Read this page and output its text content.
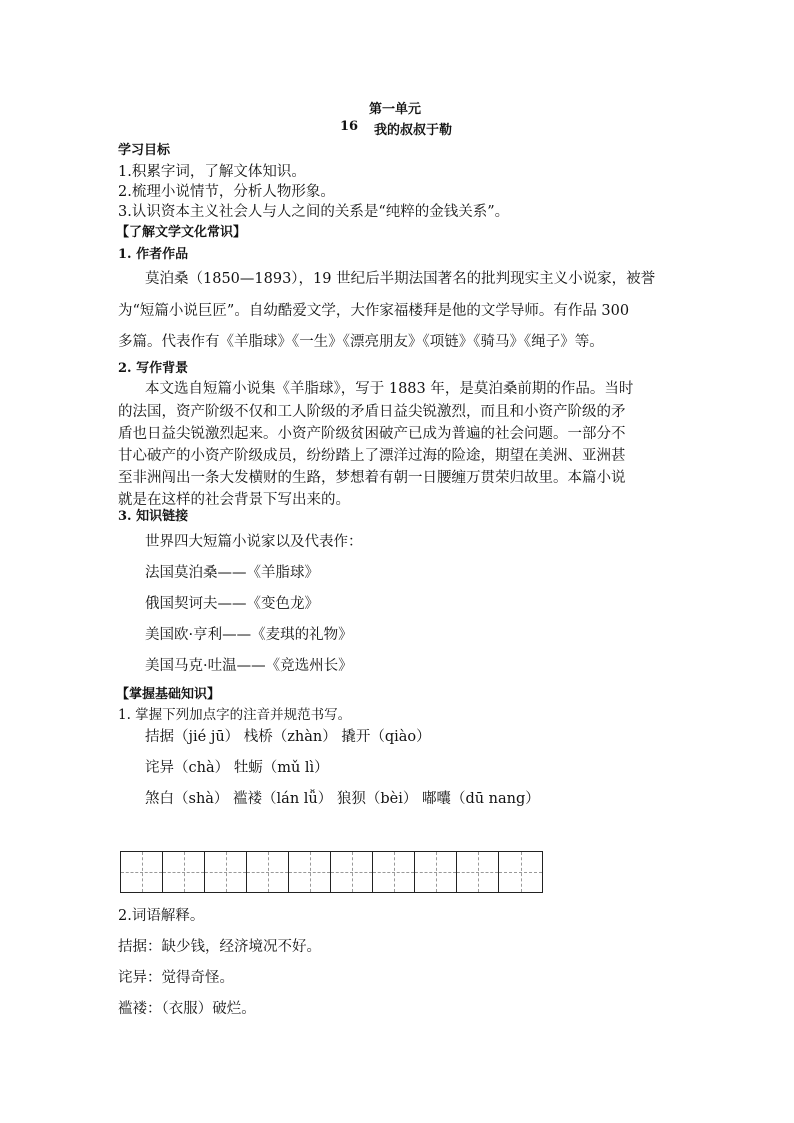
第一单元
16 我的叔叔于勒
学习目标
1.积累字词，了解文体知识。
2.梳理小说情节，分析人物形象。
3.认识资本主义社会人与人之间的关系是“纯粹的金钱关系”。
【了解文学文化常识】
1. 作者作品
莫泊桑（1850—1893），19 世纪后半期法国著名的批判现实主义小说家，被誉
为“短篇小说巨匠”。自幼酷爱文学，大作家福楼拜是他的文学导师。有作品 300
多篇。代表作有《羊脂球》《一生》《漂亮朋友》《项链》《骑马》《绳子》等。
2. 写作背景
本文选自短篇小说集《羊脂球》，写于 1883 年，是莫泊桑前期的作品。当时
的法国，资产阶级不仅和工人阶级的矛盾日益尖锐激烈，而且和小资产阶级的矛
盾也日益尖锐激烈起来。小资产阶级贫困破产已成为普遍的社会问题。一部分不
甘心破产的小资产阶级成员，纷纷踏上了漂洋过海的险途，期望在美洲、亚洲甚
至非洲闯出一条大发横财的生路，梦想着有朝一日腰缠万贯荣归故里。本篇小说
就是在这样的社会背景下写出来的。
3. 知识链接
世界四大短篇小说家以及代表作：
法国莫泊桑——《羊脂球》
俄国契诃夫——《变色龙》
美国欧·亨利——《麦琪的礼物》
美国马克·吐温——《竞选州长》
【掌握基础知识】
1. 掌握下列加点字的注音并规范书写。
拮据（jié jū） 栈桥（zhàn） 撬开（qiào）
诧异（chà） 牡蛎（mǔ lì）
煞白（shà） 褴褛（lán lǚ） 狼狈（bèi） 嘟囔（dū nang）
2.词语解释。
拮据：缺少钱，经济境况不好。
诧异：觉得奇怪。
褴褛：（衣服）破烂。
